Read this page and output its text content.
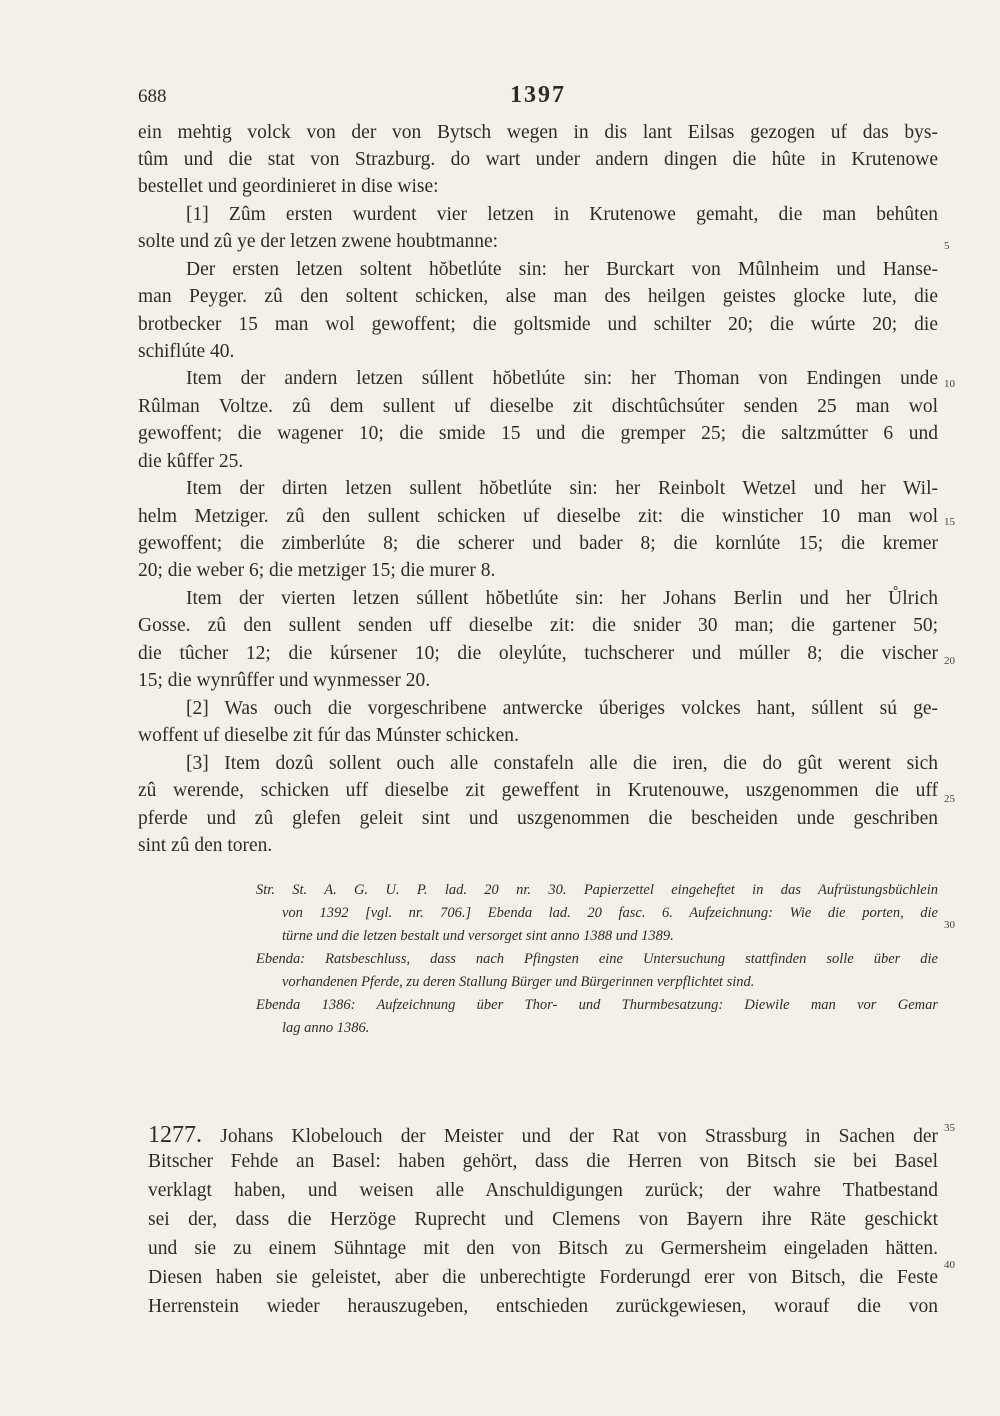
688	1397
ein mehtig volck von der von Bytsch wegen in dis lant Eilsas gezogen uf das bys-
tûm und die stat von Strazburg. do wart under andern dingen die hûte in Krutenowe
bestellet und geordinieret in dise wise:
[1] Zûm ersten wurdent vier letzen in Krutenowe gemaht, die man behûten
solte und zû ye der letzen zwene houbtmanne:
Der ersten letzen soltent hŏbetlúte sin: her Burckart von Mûlnheim und Hanse-
man Peyger. zû den soltent schicken, alse man des heilgen geistes glocke lute, die
brotbecker 15 man wol gewoffent; die goltsmide und schilter 20; die wúrte 20; die
schiflúte 40.
Item der andern letzen súllent hŏbetlúte sin: her Thoman von Endingen unde
Rûlman Voltze. zû dem sullent uf dieselbe zit dischtûchsúter senden 25 man wol
gewoffent; die wagener 10; die smide 15 und die gremper 25; die saltzmútter 6 und
die kûffer 25.
Item der dirten letzen sullent hŏbetlúte sin: her Reinbolt Wetzel und her Wil-
helm Metziger. zû den sullent schicken uf dieselbe zit: die winsticher 10 man wol
gewoffent; die zimberlúte 8; die scherer und bader 8; die kornlúte 15; die kremer
20; die weber 6; die metziger 15; die murer 8.
Item der vierten letzen súllent hŏbetlúte sin: her Johans Berlin und her Ůlrich
Gosse. zû den sullent senden uff dieselbe zit: die snider 30 man; die gartener 50;
die tûcher 12; die kúrsener 10; die oleylúte, tuchscherer und múller 8; die vischer
15; die wynrûffer und wynmesser 20.
[2] Was ouch die vorgeschribene antwercke úberiges volckes hant, súllent sú ge-
woffent uf dieselbe zit fúr das Múnster schicken.
[3] Item dozû sollent ouch alle constafeln alle die iren, die do gût werent sich
zû werende, schicken uff dieselbe zit geweffent in Krutenouwe, uszgenommen die uff
pferde und zû glefen geleit sint und uszgenommen die bescheiden unde geschriben
sint zû den toren.
5
10
15
20
25
30
35
40
Str. St. A. G. U. P. lad. 20 nr. 30. Papierzettel eingeheftet in das Aufrüstungsbüchlein
von 1392 [vgl. nr. 706.] Ebenda lad. 20 fasc. 6. Aufzeichnung: Wie die porten, die
türne und die letzen bestalt und versorget sint anno 1388 und 1389.
Ebenda: Ratsbeschluss, dass nach Pfingsten eine Untersuchung stattfinden solle über die
vorhandenen Pferde, zu deren Stallung Bürger und Bürgerinnen verpflichtet sind.
Ebenda 1386: Aufzeichnung über Thor- und Thurmbesatzung: Diewile man vor Gemar
lag anno 1386.
1277. Johans Klobelouch der Meister und der Rat von Strassburg in Sachen der
Bitscher Fehde an Basel: haben gehört, dass die Herren von Bitsch sie bei Basel
verklagt haben, und weisen alle Anschuldigungen zurück; der wahre Thatbestand
sei der, dass die Herzöge Ruprecht und Clemens von Bayern ihre Räte geschickt
und sie zu einem Sühntage mit den von Bitsch zu Germersheim eingeladen hätten.
Diesen haben sie geleistet, aber die unberechtigte Forderungd erer von Bitsch, die Feste
Herrenstein wieder herauszugeben, entschieden zurückgewiesen, worauf die von
